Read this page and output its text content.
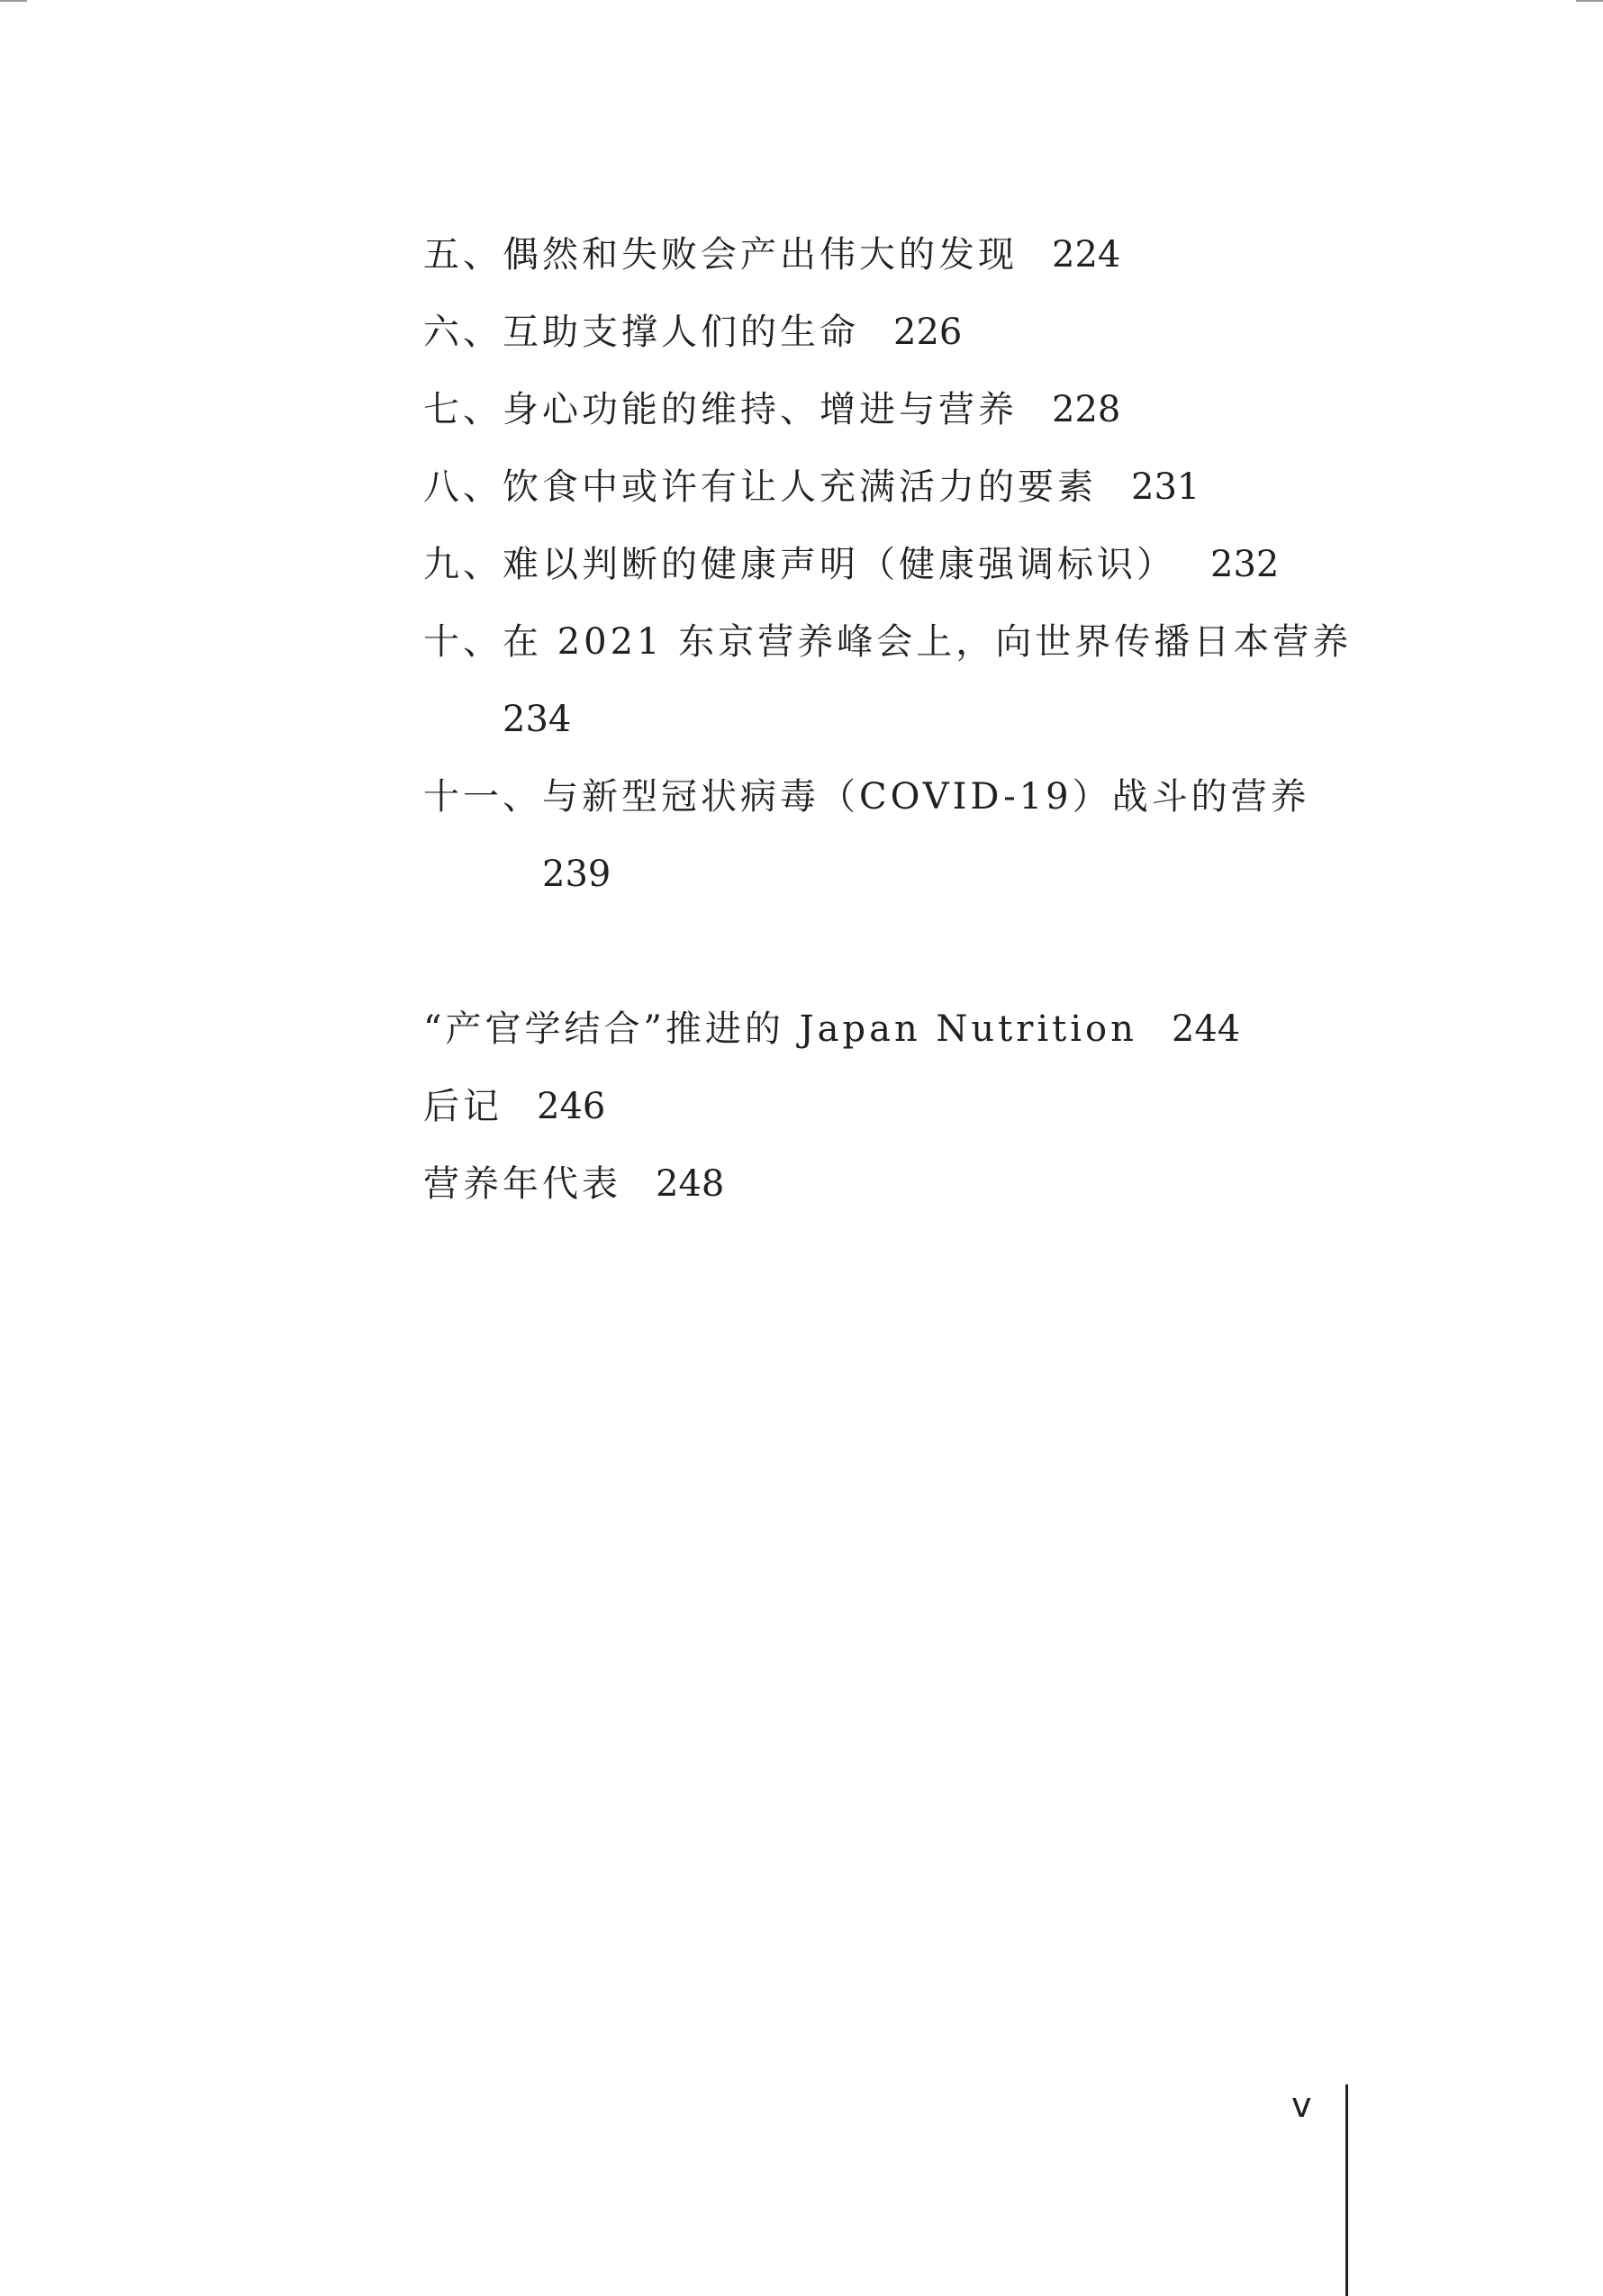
五、偶然和失败会产出伟大的发现 224
六、互助支撑人们的生命 226
七、身心功能的维持、增进与营养 228
八、饮食中或许有让人充满活力的要素 231
九、难以判断的健康声明（健康强调标识） 232
十、在 2021 东京营养峰会上，向世界传播日本营养
234
十一、与新型冠状病毒（COVID-19）战斗的营养
239
“产官学结合”推进的 Japan Nutrition 244
后记 246
营养年代表 248
v
